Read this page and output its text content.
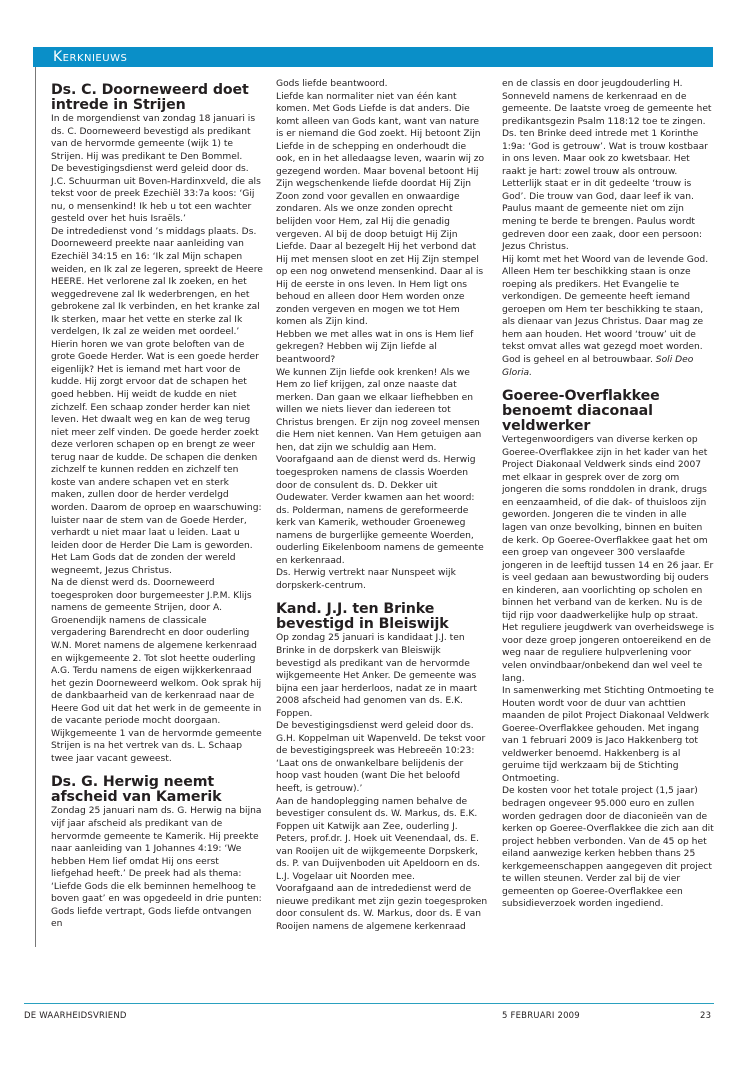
Kerknieuws
Ds. C. Doorneweerd doet intrede in Strijen

In de morgendienst van zondag 18 januari is ds. C. Doorneweerd bevestigd als predikant van de hervormde gemeente (wijk 1) te Strijen. Hij was predikant te Den Bommel.

De bevestigingsdienst werd geleid door ds. J.C. Schuurman uit Boven-Hardinxveld, die als tekst voor de preek Ezechiël 33:7a koos: ‘Gij nu, o mensenkind! Ik heb u tot een wachter gesteld over het huis Israëls.’

De intrededienst vond ’s middags plaats. Ds. Doorneweerd preekte naar aanleiding van Ezechiël 34:15 en 16: ‘Ik zal Mijn schapen weiden, en Ik zal ze legeren, spreekt de Heere HEERE. Het verlorene zal Ik zoeken, en het weggedrevene zal Ik wederbrengen, en het gebrokene zal Ik verbinden, en het kranke zal Ik sterken, maar het vette en sterke zal Ik verdelgen, Ik zal ze weiden met oordeel.’ Hierin horen we van grote beloften van de grote Goede Herder. Wat is een goede herder eigenlijk? Het is iemand met hart voor de kudde. Hij zorgt ervoor dat de schapen het goed hebben. Hij weidt de kudde en niet zichzelf. Een schaap zonder herder kan niet leven. Het dwaalt weg en kan de weg terug niet meer zelf vinden. De goede herder zoekt deze verloren schapen op en brengt ze weer terug naar de kudde. De schapen die denken zichzelf te kunnen redden en zichzelf ten koste van andere schapen vet en sterk maken, zullen door de herder verdelgd worden. Daarom de oproep en waarschuwing: luister naar de stem van de Goede Herder, verhardt u niet maar laat u leiden. Laat u leiden door de Herder Die Lam is geworden. Het Lam Gods dat de zonden der wereld wegneemt, Jezus Christus.

Na de dienst werd ds. Doorneweerd toegesproken door burgemeester J.P.M. Klijs namens de gemeente Strijen, door A. Groenendijk namens de classicale vergadering Barendrecht en door ouderling W.N. Moret namens de algemene kerkenraad en wijkgemeente 2. Tot slot heette ouderling A.G. Terdu namens de eigen wijkkerkenraad het gezin Doorneweerd welkom. Ook sprak hij de dankbaarheid van de kerkenraad naar de Heere God uit dat het werk in de gemeente in de vacante periode mocht doorgaan. Wijkgemeente 1 van de hervormde gemeente Strijen is na het vertrek van ds. L. Schaap twee jaar vacant geweest.

Ds. G. Herwig neemt afscheid van Kamerik

Zondag 25 januari nam ds. G. Herwig na bijna vijf jaar afscheid als predikant van de hervormde gemeente te Kamerik. Hij preekte naar aanleiding van 1 Johannes 4:19: ‘We hebben Hem lief omdat Hij ons eerst liefgehad heeft.’ De preek had als thema: ‘Liefde Gods die elk beminnen hemelhoog te boven gaat’ en was opgedeeld in drie punten: Gods liefde vertrapt, Gods liefde ontvangen en

Gods liefde beantwoord.

Liefde kan normaliter niet van één kant komen. Met Gods Liefde is dat anders. Die komt alleen van Gods kant, want van nature is er niemand die God zoekt. Hij betoont Zijn Liefde in de schepping en onderhoudt die ook, en in het alledaagse leven, waarin wij zo gezegend worden. Maar bovenal betoont Hij Zijn wegschenkende liefde doordat Hij Zijn Zoon zond voor gevallen en onwaardige zondaren. Als we onze zonden oprecht belijden voor Hem, zal Hij die genadig vergeven. Al bij de doop betuigt Hij Zijn Liefde. Daar al bezegelt Hij het verbond dat Hij met mensen sloot en zet Hij Zijn stempel op een nog onwetend mensenkind. Daar al is Hij de eerste in ons leven. In Hem ligt ons behoud en alleen door Hem worden onze zonden vergeven en mogen we tot Hem komen als Zijn kind.

Hebben we met alles wat in ons is Hem lief gekregen? Hebben wij Zijn liefde al beantwoord?

We kunnen Zijn liefde ook krenken! Als we Hem zo lief krijgen, zal onze naaste dat merken. Dan gaan we elkaar liefhebben en willen we niets liever dan iedereen tot Christus brengen. Er zijn nog zoveel mensen die Hem niet kennen. Van Hem getuigen aan hen, dat zijn we schuldig aan Hem.

Voorafgaand aan de dienst werd ds. Herwig toegesproken namens de classis Woerden door de consulent ds. D. Dekker uit Oudewater. Verder kwamen aan het woord: ds. Polderman, namens de gereformeerde kerk van Kamerik, wethouder Groeneweg namens de burgerlijke gemeente Woerden, ouderling Eikelenboom namens de gemeente en kerkenraad.

Ds. Herwig vertrekt naar Nunspeet wijk dorpskerk-centrum.

Kand. J.J. ten Brinke bevestigd in Bleiswijk

Op zondag 25 januari is kandidaat J.J. ten Brinke in de dorpskerk van Bleiswijk bevestigd als predikant van de hervormde wijkgemeente Het Anker. De gemeente was bijna een jaar herderloos, nadat ze in maart 2008 afscheid had genomen van ds. E.K. Foppen.

De bevestigingsdienst werd geleid door ds. G.H. Koppelman uit Wapenveld. De tekst voor de bevestigingspreek was Hebreeën 10:23: ‘Laat ons de onwankelbare belijdenis der hoop vast houden (want Die het beloofd heeft, is getrouw).’

Aan de handoplegging namen behalve de bevestiger consulent ds. W. Markus, ds. E.K. Foppen uit Katwijk aan Zee, ouderling J. Peters, prof.dr. J. Hoek uit Veenendaal, ds. E. van Rooijen uit de wijkgemeente Dorpskerk, ds. P. van Duijvenboden uit Apeldoorn en ds. L.J. Vogelaar uit Noorden mee.

Voorafgaand aan de intrededienst werd de nieuwe predikant met zijn gezin toegesproken door consulent ds. W. Markus, door ds. E van Rooijen namens de algemene kerkenraad

en de classis en door jeugdouderling H. Sonneveld namens de kerkenraad en de gemeente. De laatste vroeg de gemeente het predikantsgezin Psalm 118:12 toe te zingen.

Ds. ten Brinke deed intrede met 1 Korinthe 1:9a: ‘God is getrouw’. Wat is trouw kostbaar in ons leven. Maar ook zo kwetsbaar. Het raakt je hart: zowel trouw als ontrouw. Letterlijk staat er in dit gedeelte ‘trouw is God’. Die trouw van God, daar leef ik van. Paulus maant de gemeente niet om zijn mening te berde te brengen. Paulus wordt gedreven door een zaak, door een persoon: Jezus Christus.

Hij komt met het Woord van de levende God. Alleen Hem ter beschikking staan is onze roeping als predikers. Het Evangelie te verkondigen. De gemeente heeft iemand geroepen om Hem ter beschikking te staan, als dienaar van Jezus Christus. Daar mag ze hem aan houden. Het woord ‘trouw’ uit de tekst omvat alles wat gezegd moet worden. God is geheel en al betrouwbaar. Soli Deo Gloria.

Goeree-Overflakkee benoemt diaconaal veldwerker

Vertegenwoordigers van diverse kerken op Goeree-Overflakkee zijn in het kader van het Project Diakonaal Veldwerk sinds eind 2007 met elkaar in gesprek over de zorg om jongeren die soms ronddolen in drank, drugs en eenzaamheid, of die dak- of thuisloos zijn geworden. Jongeren die te vinden in alle lagen van onze bevolking, binnen en buiten de kerk. Op Goeree-Overflakkee gaat het om een groep van ongeveer 300 verslaafde jongeren in de leeftijd tussen 14 en 26 jaar. Er is veel gedaan aan bewustwording bij ouders en kinderen, aan voorlichting op scholen en binnen het verband van de kerken. Nu is de tijd rijp voor daadwerkelijke hulp op straat. Het reguliere jeugdwerk van overheidswege is voor deze groep jongeren ontoereikend en de weg naar de reguliere hulpverlening voor velen onvindbaar/onbekend dan wel veel te lang.

In samenwerking met Stichting Ontmoeting te Houten wordt voor de duur van achttien maanden de pilot Project Diakonaal Veldwerk Goeree-Overflakkee gehouden. Met ingang van 1 februari 2009 is Jaco Hakkenberg tot veldwerker benoemd. Hakkenberg is al geruime tijd werkzaam bij de Stichting Ontmoeting.

De kosten voor het totale project (1,5 jaar) bedragen ongeveer 95.000 euro en zullen worden gedragen door de diaconieën van de kerken op Goeree-Overflakkee die zich aan dit project hebben verbonden. Van de 45 op het eiland aanwezige kerken hebben thans 25 kerkgemeenschappen aangegeven dit project te willen steunen. Verder zal bij de vier gemeenten op Goeree-Overflakkee een subsidieverzoek worden ingediend.

DE WAARHEIDSVRIEND	5 FEBRUARI 2009	23
